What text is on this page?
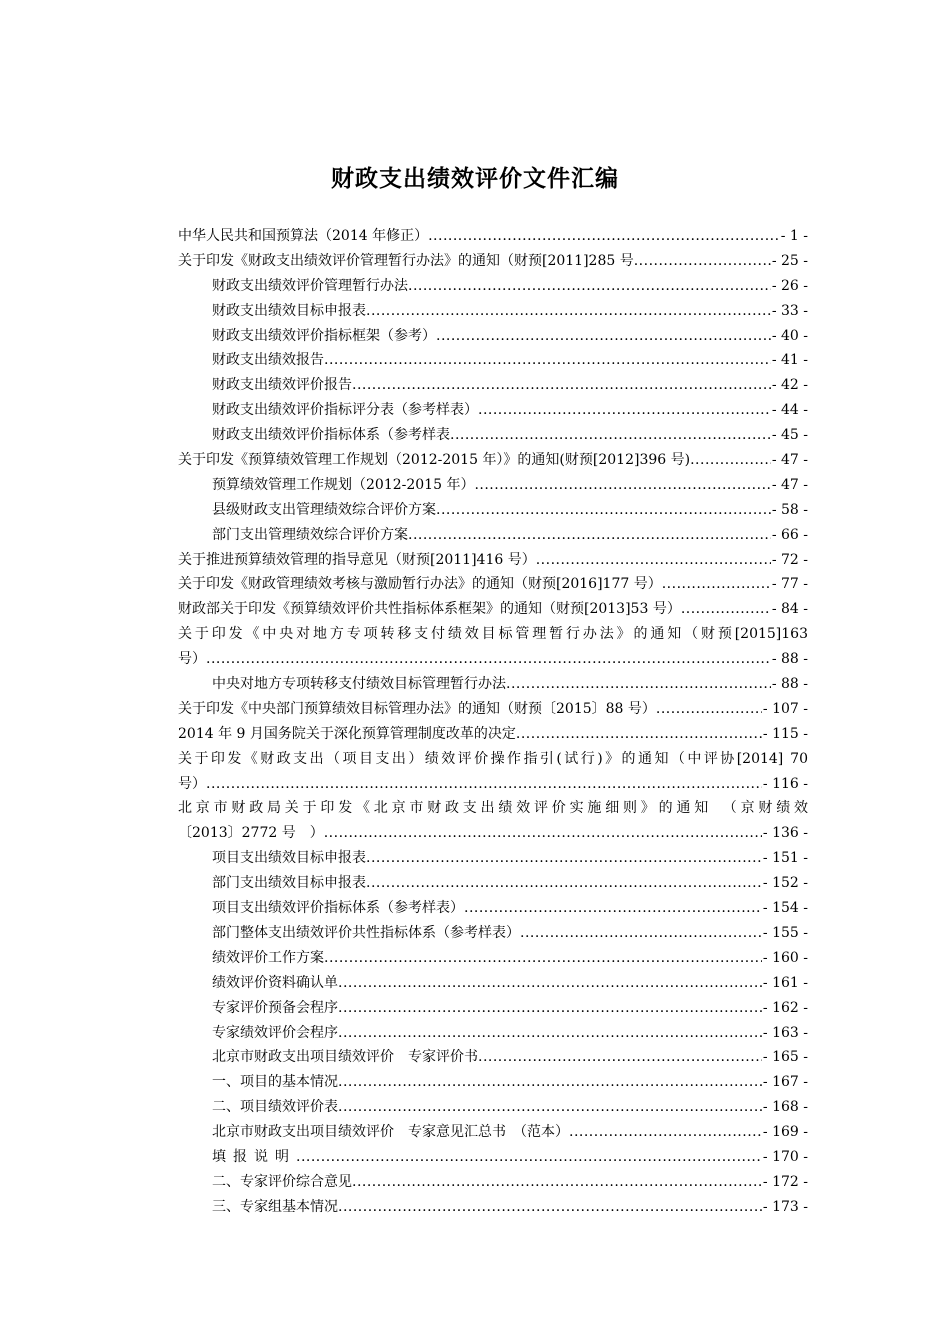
财政支出绩效评价文件汇编
中华人民共和国预算法（2014 年修正） .....	- 1 -
关于印发《财政支出绩效评价管理暂行办法》的通知（财预[2011]285 号 .....	- 25 -
财政支出绩效评价管理暂行办法 .....	- 26 -
财政支出绩效目标申报表 .....	- 33 -
财政支出绩效评价指标框架（参考） .....	- 40 -
财政支出绩效报告 .....	- 41 -
财政支出绩效评价报告 .....	- 42 -
财政支出绩效评价指标评分表（参考样表） .....	- 44 -
财政支出绩效评价指标体系（参考样表 .....	- 45 -
关于印发《预算绩效管理工作规划（2012-2015 年）》的通知(财预[2012]396 号) .....	- 47 -
预算绩效管理工作规划（2012-2015 年） .....	- 47 -
县级财政支出管理绩效综合评价方案 .....	- 58 -
部门支出管理绩效综合评价方案 .....	- 66 -
关于推进预算绩效管理的指导意见（财预[2011]416 号） .....	- 72 -
关于印发《财政管理绩效考核与激励暂行办法》的通知（财预[2016]177 号） .....	- 77 -
财政部关于印发《预算绩效评价共性指标体系框架》的通知（财预[2013]53 号） .....	- 84 -
关于印发《中央对地方专项转移支付绩效目标管理暂行办法》的通知（财预[2015]163
号） .....	- 88 -
中央对地方专项转移支付绩效目标管理暂行办法 .....	- 88 -
关于印发《中央部门预算绩效目标管理办法》的通知（财预〔2015〕88 号） .....	- 107 -
2014 年 9 月国务院关于深化预算管理制度改革的决定 .....	- 115 -
关于印发《财政支出（项目支出）绩效评价操作指引(试行)》的通知（中评协[2014] 70
号） .....	- 116 -
北京市财政局关于印发《北京市财政支出绩效评价实施细则》的通知　（京财绩效
〔2013〕2772 号　） .....	- 136 -
项目支出绩效目标申报表 .....	- 151 -
部门支出绩效目标申报表 .....	- 152 -
项目支出绩效评价指标体系（参考样表） .....	- 154 -
部门整体支出绩效评价共性指标体系（参考样表） .....	- 155 -
绩效评价工作方案 .....	- 160 -
绩效评价资料确认单 .....	- 161 -
专家评价预备会程序 .....	- 162 -
专家绩效评价会程序 .....	- 163 -
北京市财政支出项目绩效评价　专家评价书 .....	- 165 -
一、项目的基本情况 .....	- 167 -
二、项目绩效评价表 .....	- 168 -
北京市财政支出项目绩效评价　专家意见汇总书　（范本） .....	- 169 -
填报说明 .....	- 170 -
二、专家评价综合意见 .....	- 172 -
三、专家组基本情况 .....	- 173 -
